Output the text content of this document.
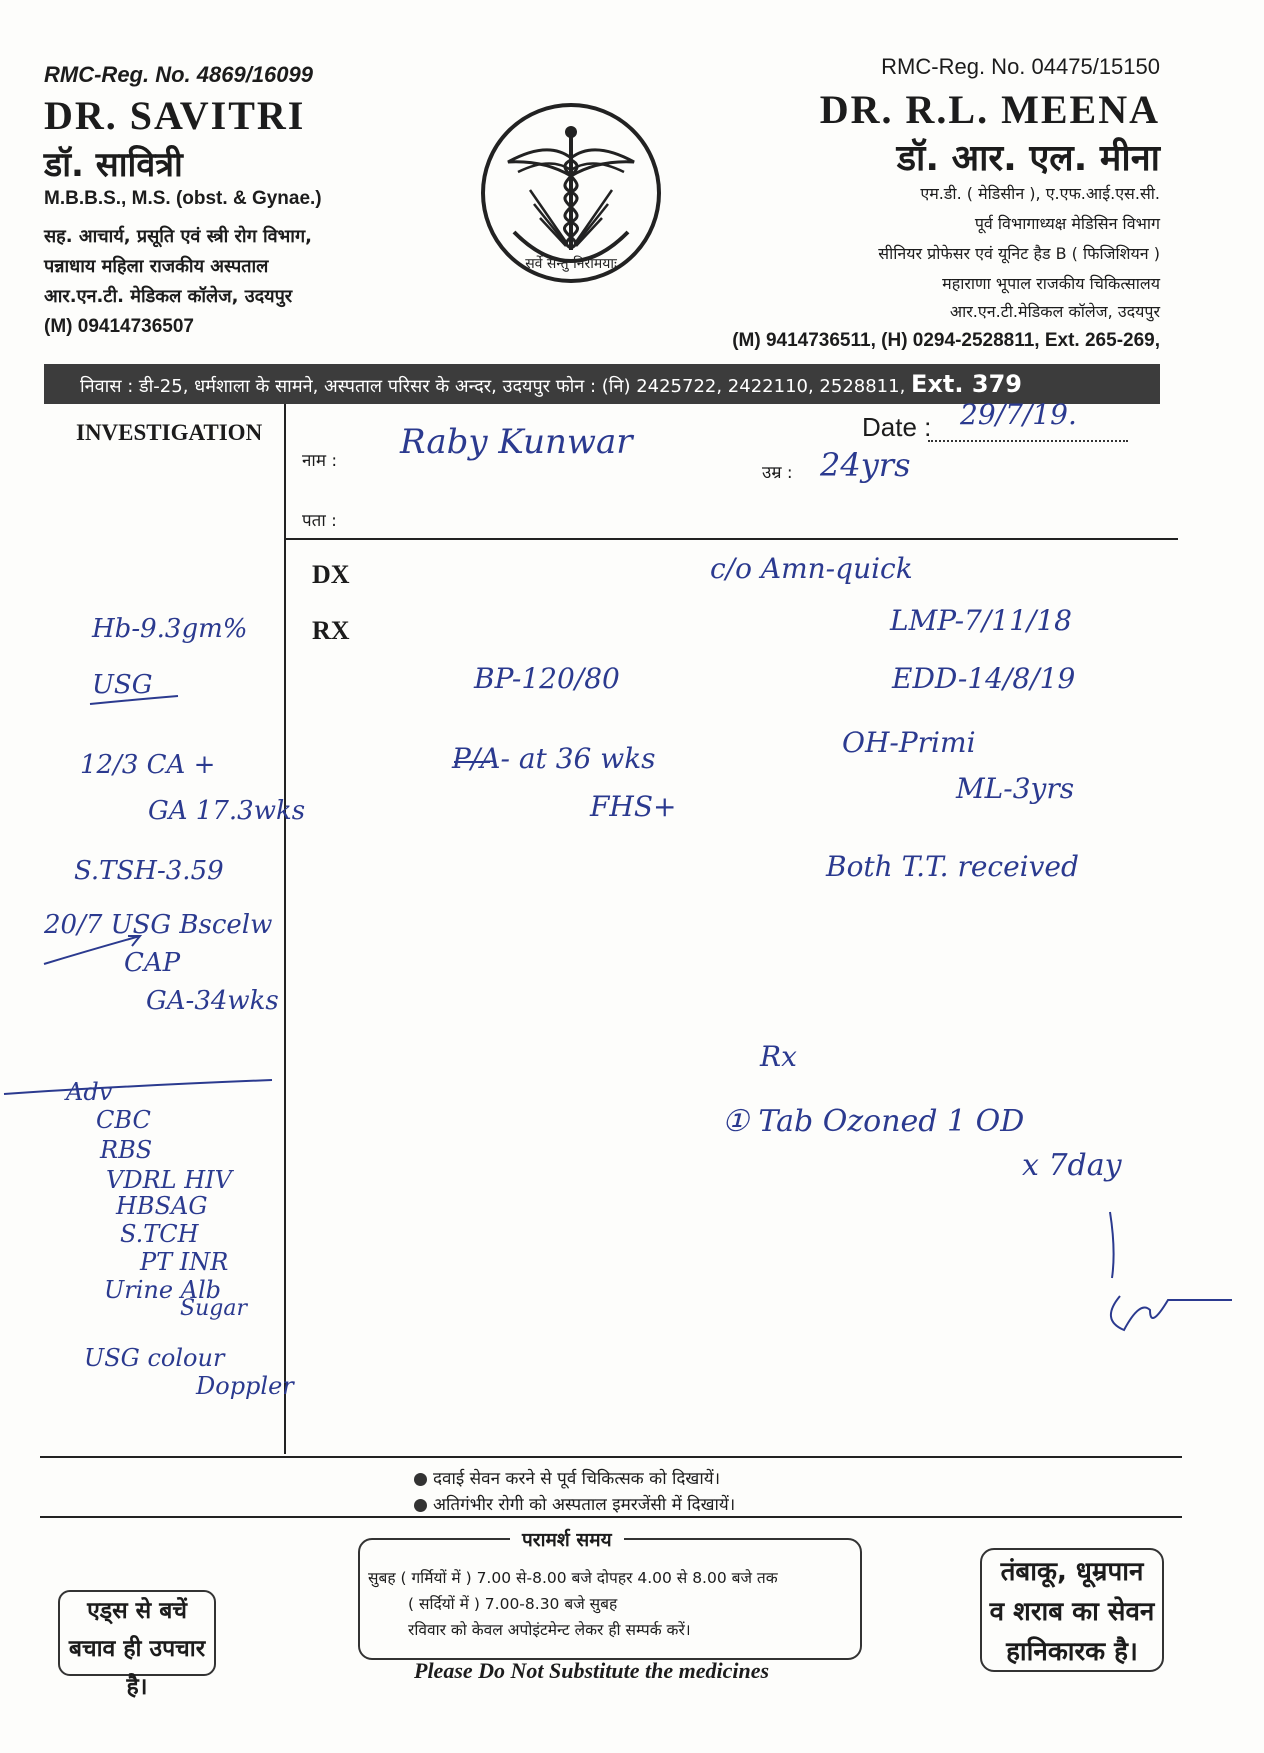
RMC-Reg. No. 4869/16099
DR. SAVITRI
डॉ. सावित्री
M.B.B.S., M.S. (obst. & Gynae.)
सह. आचार्य, प्रसूति एवं स्त्री रोग विभाग,
पन्नाधाय महिला राजकीय अस्पताल
आर.एन.टी. मेडिकल कॉलेज, उदयपुर
(M) 09414736507
सर्वे सन्तु निरामयाः
RMC-Reg. No. 04475/15150
DR. R.L. MEENA
डॉ. आर. एल. मीना
एम.डी. ( मेडिसीन ), ए.एफ.आई.एस.सी.
पूर्व विभागाध्यक्ष मेडिसिन विभाग
सीनियर प्रोफेसर एवं यूनिट हैड B ( फिजिशियन )
महाराणा भूपाल राजकीय चिकित्सालय
आर.एन.टी.मेडिकल कॉलेज, उदयपुर
(M) 9414736511, (H) 0294-2528811, Ext. 265-269,
निवास : डी-25, धर्मशाला के सामने, अस्पताल परिसर के अन्दर, उदयपुर फोन : (नि) 2425722, 2422110, 2528811, Ext. 379
INVESTIGATION	Date :
नाम :
उम्र :
पता :
DX
RX
Raby Kunwar
29/7/19.
24yrs
Hb-9.3gm%
USG
12/3 CA +
GA 17.3wks
S.TSH-3.59
20/7 USG Bscelw
CAP
GA-34wks
Adv
CBC
RBS
VDRL HIV
HBSAG
S.TCH
PT INR
Urine Alb
Sugar
USG colour
Doppler
c/o Amn-quick
LMP-7/11/18
EDD-14/8/19
OH-Primi
ML-3yrs
Both T.T. received
BP-120/80
P/A- at 36 wks
FHS+
Rx
① Tab Ozoned 1 OD
x 7day
दवाई सेवन करने से पूर्व चिकित्सक को दिखायें।
अतिगंभीर रोगी को अस्पताल इमरजेंसी में दिखायें।
परामर्श समय
सुबह ( गर्मियों में ) 7.00 से-8.00 बजे दोपहर 4.00 से 8.00 बजे तक
( सर्दियों में ) 7.00-8.30 बजे सुबह
रविवार को केवल अपोइंटमेन्ट लेकर ही सम्पर्क करें।
एड्स से बचें
बचाव ही उपचार है।
तंबाकू, धूम्रपान
व शराब का सेवन
हानिकारक है।
Please Do Not Substitute the medicines
